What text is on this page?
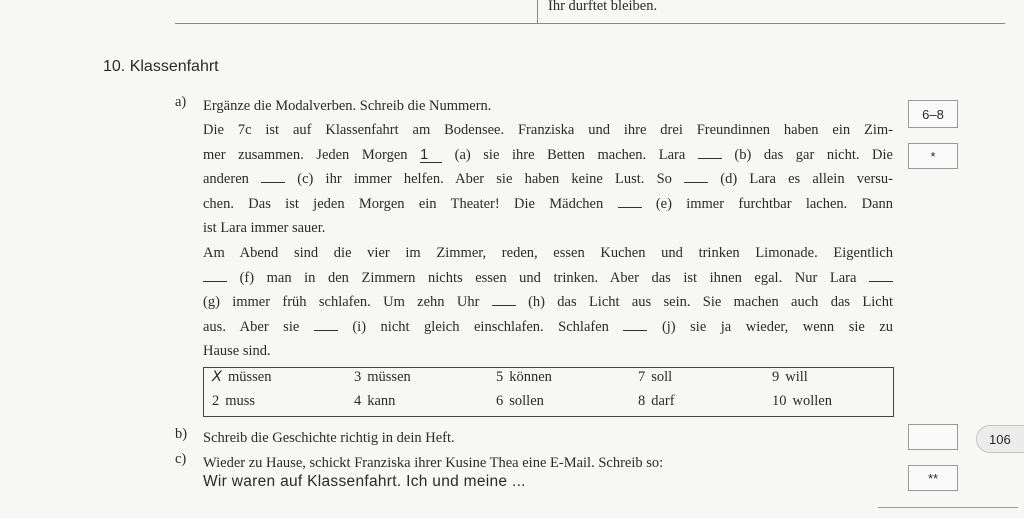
Ihr durftet bleiben.
10. Klassenfahrt
a) Ergänze die Modalverben. Schreib die Nummern.
Die 7c ist auf Klassenfahrt am Bodensee. Franziska und ihre drei Freundinnen haben ein Zim-
mer zusammen. Jeden Morgen 1 (a) sie ihre Betten machen. Lara  (b) das gar nicht. Die
anderen  (c) ihr immer helfen. Aber sie haben keine Lust. So  (d) Lara es allein versu-
chen. Das ist jeden Morgen ein Theater! Die Mädchen  (e) immer furchtbar lachen. Dann
ist Lara immer sauer.
Am Abend sind die vier im Zimmer, reden, essen Kuchen und trinken Limonade. Eigentlich
(f) man in den Zimmern nichts essen und trinken. Aber das ist ihnen egal. Nur Lara
(g) immer früh schlafen. Um zehn Uhr  (h) das Licht aus sein. Sie machen auch das Licht
aus. Aber sie  (i) nicht gleich einschlafen. Schlafen  (j) sie ja wieder, wenn sie zu
Hause sind.
X müssen	3 müssen	5 können	7 soll	9 will
2 muss	4 kann	6 sollen	8 darf	10 wollen
b) Schreib die Geschichte richtig in dein Heft.
c) Wieder zu Hause, schickt Franziska ihrer Kusine Thea eine E-Mail. Schreib so:
Wir waren auf Klassenfahrt. Ich und meine ...
6–8
*
**
106
